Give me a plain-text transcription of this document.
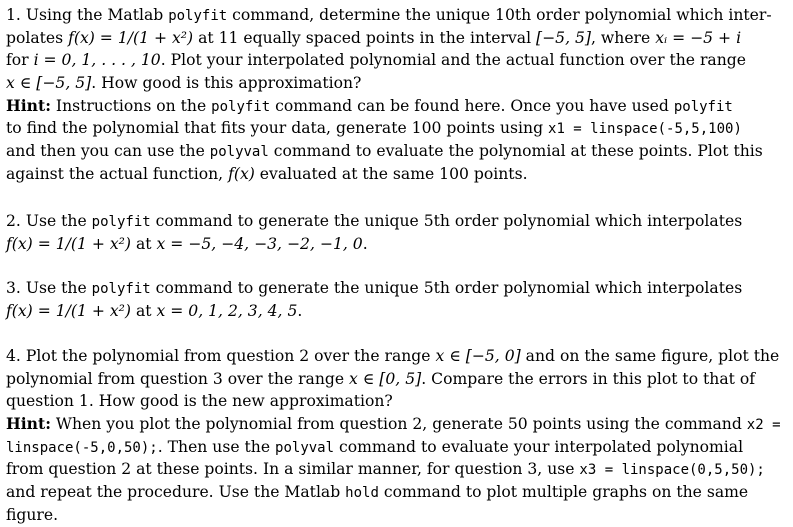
1. Using the Matlab polyfit command, determine the unique 10th order polynomial which inter-
polates f(x) = 1/(1 + x²) at 11 equally spaced points in the interval [−5, 5], where xᵢ = −5 + i
for i = 0, 1, . . . , 10. Plot your interpolated polynomial and the actual function over the range
x ∈ [−5, 5]. How good is this approximation?
Hint: Instructions on the polyfit command can be found here. Once you have used polyfit
to find the polynomial that fits your data, generate 100 points using x1 = linspace(-5,5,100)
and then you can use the polyval command to evaluate the polynomial at these points. Plot this
against the actual function, f(x) evaluated at the same 100 points.
2. Use the polyfit command to generate the unique 5th order polynomial which interpolates
f(x) = 1/(1 + x²) at x = −5, −4, −3, −2, −1, 0.
3. Use the polyfit command to generate the unique 5th order polynomial which interpolates
f(x) = 1/(1 + x²) at x = 0, 1, 2, 3, 4, 5.
4. Plot the polynomial from question 2 over the range x ∈ [−5, 0] and on the same figure, plot the
polynomial from question 3 over the range x ∈ [0, 5]. Compare the errors in this plot to that of
question 1. How good is the new approximation?
Hint: When you plot the polynomial from question 2, generate 50 points using the command x2 =
linspace(-5,0,50);. Then use the polyval command to evaluate your interpolated polynomial
from question 2 at these points. In a similar manner, for question 3, use x3 = linspace(0,5,50);
and repeat the procedure. Use the Matlab hold command to plot multiple graphs on the same
figure.
